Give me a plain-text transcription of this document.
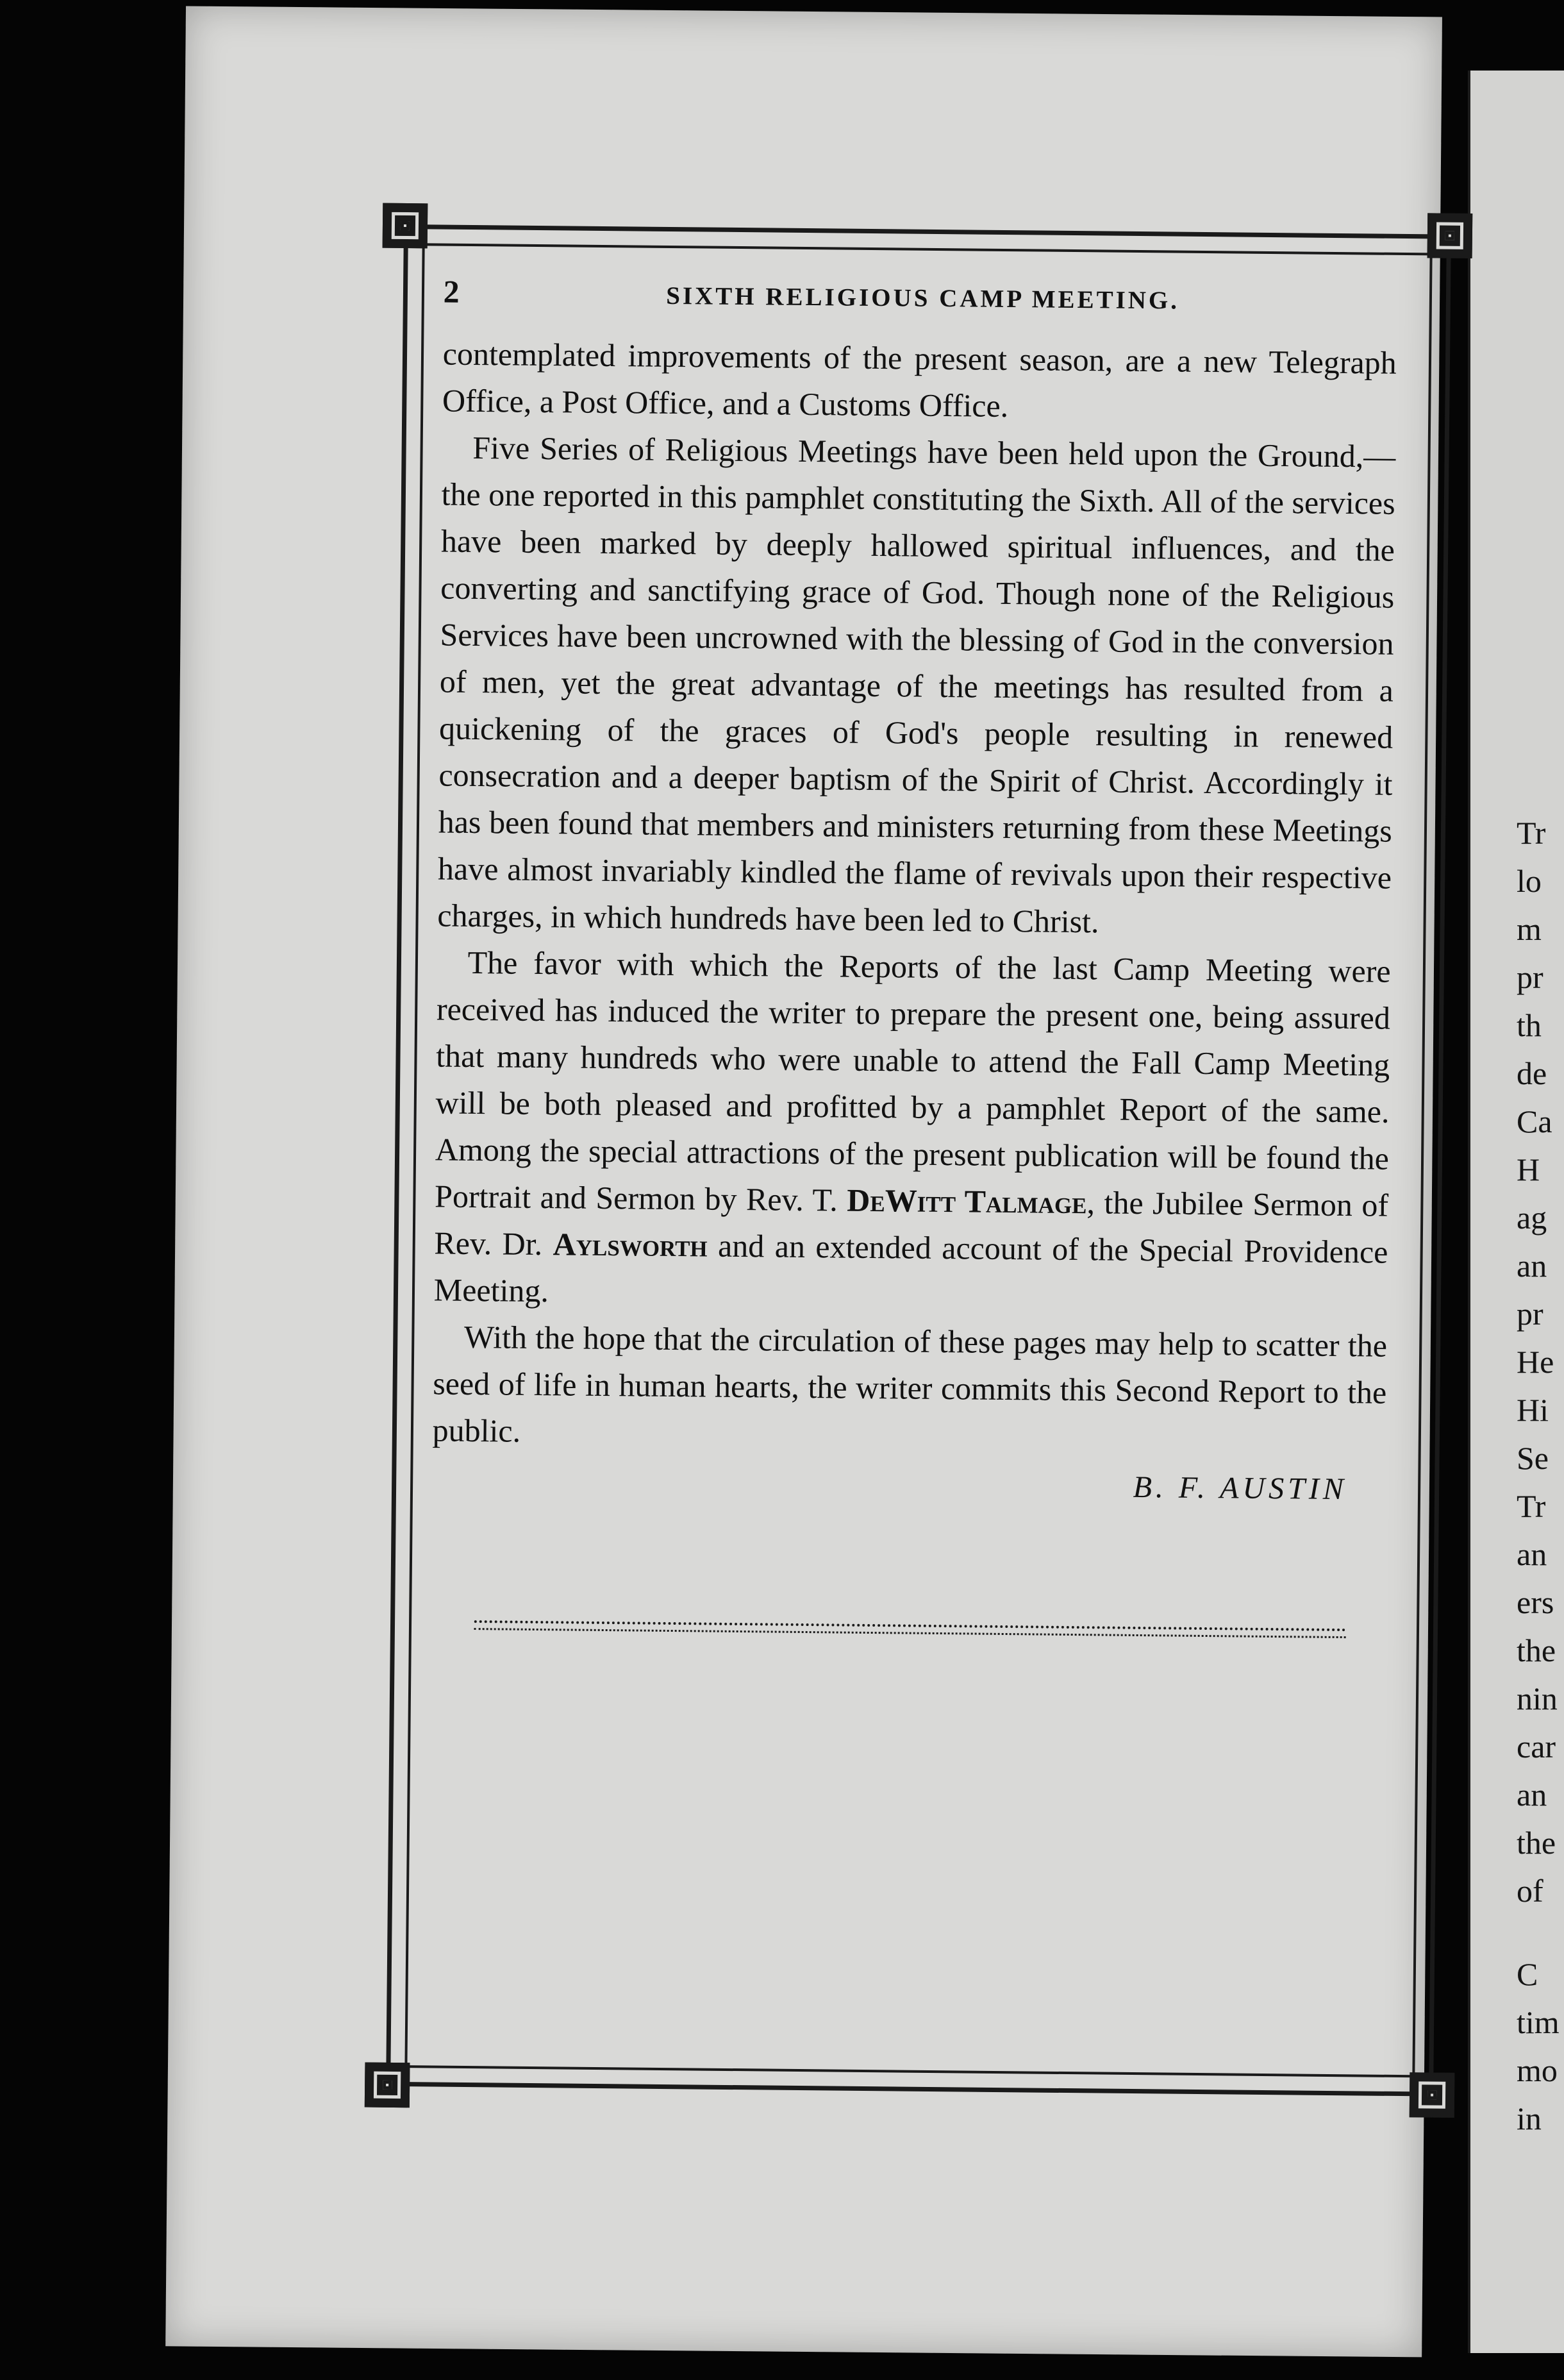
Tr
lo
m
pr
th
de
Ca
H
ag
an
pr
He
Hi
Se
Tr
an
ers
the
nin
car
an
the
of
C
tim
mo
in
2	SIXTH RELIGIOUS CAMP MEETING.

contemplated improvements of the present season, are a new Telegraph Office, a Post Office, and a Customs Office.

Five Series of Religious Meetings have been held upon the Ground,—the one reported in this pamphlet constituting the Sixth. All of the services have been marked by deeply hallowed spiritual influences, and the converting and sanctifying grace of God. Though none of the Religious Services have been uncrowned with the blessing of God in the conversion of men, yet the great advantage of the meetings has resulted from a quickening of the graces of God's people resulting in renewed consecration and a deeper baptism of the Spirit of Christ. Accordingly it has been found that members and ministers returning from these Meetings have almost invariably kindled the flame of revivals upon their respective charges, in which hundreds have been led to Christ.

The favor with which the Reports of the last Camp Meeting were received has induced the writer to prepare the present one, being assured that many hundreds who were unable to attend the Fall Camp Meeting will be both pleased and profitted by a pamphlet Report of the same. Among the special attractions of the present publication will be found the Portrait and Sermon by Rev. T. DeWitt Talmage, the Jubilee Sermon of Rev. Dr. Aylsworth and an extended account of the Special Providence Meeting.

With the hope that the circulation of these pages may help to scatter the seed of life in human hearts, the writer commits this Second Report to the public.

B. F. AUSTIN
